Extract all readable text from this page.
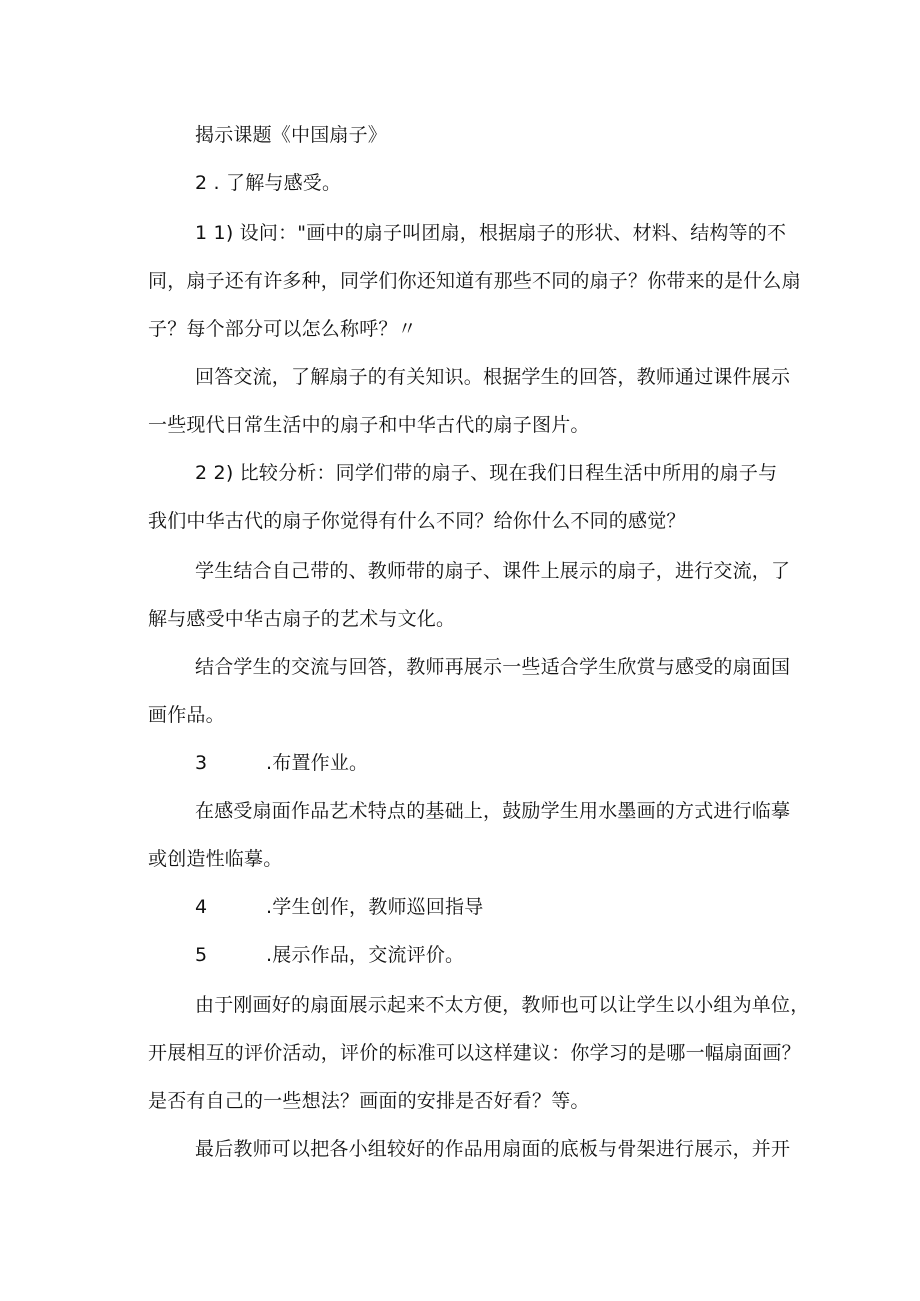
揭示课题《中国扇子》
2 . 了解与感受。
1 1) 设问："画中的扇子叫团扇，根据扇子的形状、材料、结构等的不
同，扇子还有许多种，同学们你还知道有那些不同的扇子？你带来的是什么扇
子？每个部分可以怎么称呼？〃
回答交流，了解扇子的有关知识。根据学生的回答，教师通过课件展示
一些现代日常生活中的扇子和中华古代的扇子图片。
2 2) 比较分析：同学们带的扇子、现在我们日程生活中所用的扇子与
我们中华古代的扇子你觉得有什么不同？给你什么不同的感觉？
学生结合自己带的、教师带的扇子、课件上展示的扇子，进行交流，了
解与感受中华古扇子的艺术与文化。
结合学生的交流与回答，教师再展示一些适合学生欣赏与感受的扇面国
画作品。
3	.布置作业。
在感受扇面作品艺术特点的基础上，鼓励学生用水墨画的方式进行临摹
或创造性临摹。
4	.学生创作，教师巡回指导
5	.展示作品，交流评价。
由于刚画好的扇面展示起来不太方便，教师也可以让学生以小组为单位，
开展相互的评价活动，评价的标准可以这样建议：你学习的是哪一幅扇面画？
是否有自己的一些想法？画面的安排是否好看？等。
最后教师可以把各小组较好的作品用扇面的底板与骨架进行展示，并开
